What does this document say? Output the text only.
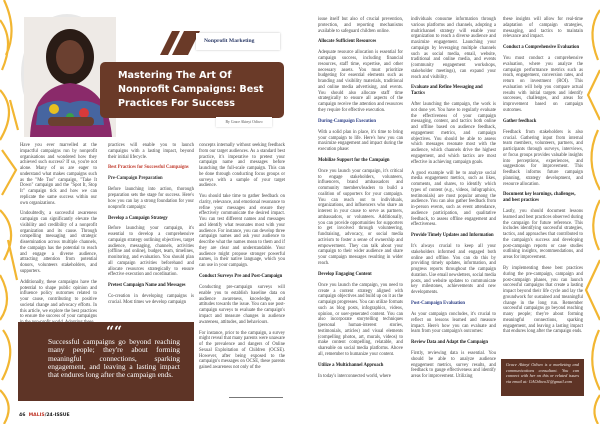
Nonprofit Marketing
Mastering The Art Of Nonprofit Campaigns: Best Practices For Success
By Grace Akinyi Odiwo

Have you ever marvelled at the impactful campaigns run by nonprofit organisations and wondered how they achieved such success? If so, you're not alone. Many of us are eager to understand what makes campaigns such as the "Me Too" campaign, "Take It Down" campaign and the "Spot It, Stop It" campaign tick and how we can replicate the same success within our own organizations.

Undoubtedly, a successful awareness campaign can significantly elevate the visibility and credibility of a nonprofit organization and its cause. Through compelling messaging and strategic dissemination across multiple channels, the campaign has the potential to reach and engage a diverse audience, attracting attention from potential donors, volunteers stakeholders, and supporters.

Additionally, these campaigns have the potential to shape public opinion and influence policy outcomes related to your cause, contributing to positive societal change and advocacy efforts. In this article, we explore the best practices to ensure the success of your campaigns

practices will enable you to launch campaigns with a lasting impact, beyond their initial lifecycle.

Best Practices for Successful Campaigns

Pre-Campaign Preparation

Before launching into action, thorough preparation sets the stage for success. Here's how you can lay a strong foundation for your nonprofit campaign:

Develop a Campaign Strategy

Before launching your campaign, it's essential to develop a comprehensive campaign strategy outlining objectives, target audience, messaging, channels, activities (offline and online), budget, team, timelines, monitoring, and evaluation. You should plan all campaign activities beforehand and allocate resources strategically to ensure effective execution and coordination.

Pretest Campaign Name and Messages

Co-creation in developing campaigns is crucial. Most times we develop campaign

concepts internally without seeking feedback from our target audiences. As a standard best practice, it's imperative to pretest your campaign name and messages before launching the full-scale campaign. This can be done through conducting focus groups or surveys with a sample of your target audience.

You should take time to gather feedback on clarity, relevance, and emotional resonance to refine your messages and ensure they effectively communicate the desired impact. You can test different names and messages and identify what resonates most with your audience. For instance, you can develop three campaign names and ask your audience to describe what the names mean to them and if they are clear and understandable. Your audience might propose stronger powerful names, in their native language, which you can use in your campaign.

Conduct Surveys Pre and Post-Campaign

Conducting pre-campaign surveys will enable you to establish baseline data on audience awareness, knowledge, and attitudes towards the issue. You can use post-campaign surveys to evaluate the campaign's impact and measure changes in audience awareness, attitudes, and behaviours.

For instance, prior to the campaign, a survey might reveal that many parents were unaware of the prevalence and dangers of Online Sexual Exploitation of Children (OCSE). However, after being exposed to the campaign's messages on OCSE, these parents gained awareness not only of the

issue itself but also of crucial prevention, protection, and reporting mechanisms available to safeguard children online.

Allocate Sufficient Resources

Adequate resource allocation is essential for campaign success, including financial resources, staff time, expertise, and other necessary assets. You must prioritize budgeting for essential elements such as branding and visibility materials, traditional and online media advertising, and events. You should also allocate staff time strategically to ensure all aspects of the campaign receive the attention and resources they require for effective execution.

During-Campaign Execution

With a solid plan in place, it's time to bring your campaign to life. Here's how you can maximize engagement and impact during the execution phase:

Mobilize Support for the Campaign

Once you launch your campaign, it's critical to engage stakeholders, volunteers, influencers, brand ambassadors and community members/leaders to build a coalition of supporters for your campaign. You can reach out to individuals, organizations, and influencers who share an interest in your cause to serve as partners, ambassadors, or volunteers. Additionally, you can provide opportunities for supporters to get involved through volunteering, fundraising, advocacy, or social media activism to foster a sense of ownership and empowerment. They can talk about your campaign to their wider audience and share your campaign messages resulting in wider reach.

Develop Engaging Content

Once you launch the campaign, you need to create a content strategy aligned with campaign objectives and build up on it as the campaign progresses. You can utilize formats such as blog posts, infographics, videos, opinion, or user-generated content. You can also incorporate storytelling techniques (personal human-interest stories, testimonials, articles) and visual elements (compelling photos, art, murals, videos) to make content compelling, relatable, and shareable on social media platforms. Above all, remember to humanize your content.

Utilize a Multichannel Approach

In today's interconnected world, where

individuals consume information through various platforms and channels, adopting a multichannel strategy will enable your organization to reach a diverse audience and maximize engagement. Launching your campaign by leveraging multiple channels such as social media, email, website, traditional and online media, and events (community engagement workshops, stakeholder meetings), can expand your reach and visibility.

Evaluate and Refine Messaging and Tactics

After launching the campaign, the work is not done yet. You have to regularly evaluate the effectiveness of your campaign messaging, content, and tactics both online and offline based on audience feedback, engagement metrics, and campaign objectives. You should be able to assess which messages resonate most with the audience, which channels drive the highest engagement, and which tactics are most effective in achieving campaign goals.

A good example will be to analyze social media engagement metrics, such as likes, comments, and shares, to identify which types of content (e.g., videos, infographics, testimonials) are most popular among the audience. You can also gather feedback from in-person events, such as event attendance, audience participation, and qualitative feedback, to assess offline engagement and effectiveness.

Provide Timely Updates and Information

It's always crucial to keep all your stakeholders informed and engaged both online and offline. You can do this by providing timely updates, information, and progress reports throughout the campaign duration. Use email newsletters, social media posts, and website updates to communicate key milestones, achievements and new developments.

Post-Campaign Evaluation

As your campaign concludes, it's crucial to reflect on lessons learned and measure impact. Here's how you can evaluate and learn from your campaign's outcomes:

Review Data and Adapt the Campaign

Firstly, reviewing data is essential. You should be able to analyze audience engagement metrics, survey results, and feedback to gauge effectiveness and identify areas for improvement. Utilizing

these insights will allow for real-time adaptation of campaign strategies, messaging, and tactics to maintain relevance and impact.

Conduct a Comprehensive Evaluation

You must conduct a comprehensive evaluation, where you analyze the campaign performance metrics such as reach, engagement, conversion rates, and return on investment (ROI). This evaluation will help you compare actual results with initial targets and identify successes, challenges, and areas for improvement based on campaign outcomes.

Gather feedback

Feedback from stakeholders is also crucial. Gathering input from internal team members, volunteers, partners, and participants through surveys, interviews, or focus groups provides valuable insights into perceptions, experiences, and suggestions for improvement. This feedback informs future campaign planning, strategy development, and resource allocation.

Document key learnings, challenges, and best practices

Lastly, you should document lessons learned and best practices observed during the campaign for future reference. This includes identifying successful strategies, tactics, and approaches that contributed to the campaign's success and developing post-campaign reports or case studies outlining insights, recommendations, and areas for improvement.

By implementing these best practices during the pre-campaign, campaign and post-campaign phases, you can launch successful campaigns that create a lasting impact beyond their life cycle and lay the groundwork for sustained and meaningful change in the long run. Remember successful campaigns go beyond reaching many people; they're about forming meaningful connections, sparking engagement, and leaving a lasting impact that endures long after the campaign ends.

““
Successful campaigns go beyond reaching many people; they're about forming meaningful connections, sparking engagement, and leaving a lasting impact that endures long after the campaign ends.
46 MALIS/24-ISSUE
Grace Akinyi Odiwo is a marketing and communications consultant. You can connect with her on this or related issues via email at: GAOdiwo11@gmail.com
